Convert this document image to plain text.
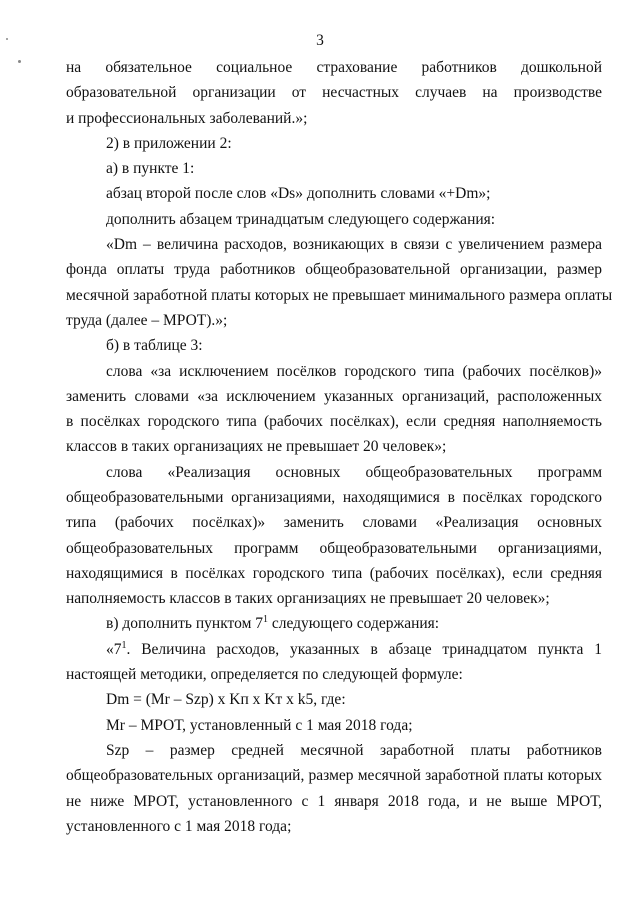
3
на обязательное социальное страхование работников дошкольной
образовательной организации от несчастных случаев на производстве
и профессиональных заболеваний.»;
2) в приложении 2:
а) в пункте 1:
абзац второй после слов «Ds» дополнить словами «+Dm»;
дополнить абзацем тринадцатым следующего содержания:
«Dm – величина расходов, возникающих в связи с увеличением размера
фонда оплаты труда работников общеобразовательной организации, размер
месячной заработной платы которых не превышает минимального размера оплаты
труда (далее – МРОТ).»;
б) в таблице 3:
слова «за исключением посёлков городского типа (рабочих посёлков)»
заменить словами «за исключением указанных организаций, расположенных
в посёлках городского типа (рабочих посёлках), если средняя наполняемость
классов в таких организациях не превышает 20 человек»;
слова «Реализация основных общеобразовательных программ
общеобразовательными организациями, находящимися в посёлках городского
типа (рабочих посёлках)» заменить словами «Реализация основных
общеобразовательных программ общеобразовательными организациями,
находящимися в посёлках городского типа (рабочих посёлках), если средняя
наполняемость классов в таких организациях не превышает 20 человек»;
в) дополнить пунктом $7^1$ следующего содержания:
«$7^1$. Величина расходов, указанных в абзаце тринадцатом пункта 1
настоящей методики, определяется по следующей формуле:
Dm = (Mr – Szp) x Kп x Kт x k5, где:
Mr – МРОТ, установленный с 1 мая 2018 года;
Szp – размер средней месячной заработной платы работников
общеобразовательных организаций, размер месячной заработной платы которых
не ниже МРОТ, установленного с 1 января 2018 года, и не выше МРОТ,
установленного с 1 мая 2018 года;
